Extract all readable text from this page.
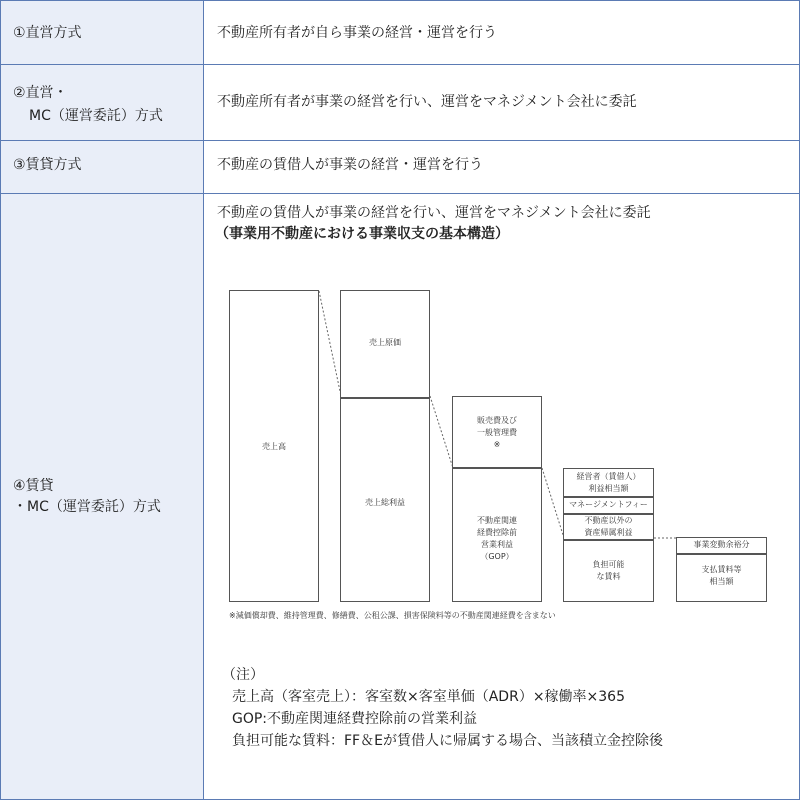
①直営方式	不動産所有者が自ら事業の経営・運営を行う
②直営・
MC（運営委託）方式
不動産所有者が事業の経営を行い、運営をマネジメント会社に委託
③賃貸方式	不動産の賃借人が事業の経営・運営を行う
④賃貸
・MC（運営委託）方式
不動産の賃借人が事業の経営を行い、運営をマネジメント会社に委託
（事業用不動産における事業収支の基本構造）
売上高
売上原価
売上総利益
販売費及び
一般管理費
※
不動産関連
経費控除前
営業利益
（GOP）
経営者（賃借人）
利益相当額
マネージメントフィー
不動産以外の
資産帰属利益
負担可能
な賃料
事業変動余裕分
支払賃料等
相当額
※減価償却費、維持管理費、修繕費、公租公課、損害保険料等の不動産関連経費を含まない
（注）
売上高（客室売上）：客室数×客室単価（ADR）×稼働率×365
GOP:不動産関連経費控除前の営業利益
負担可能な賃料：FF＆Eが賃借人に帰属する場合、当該積立金控除後
